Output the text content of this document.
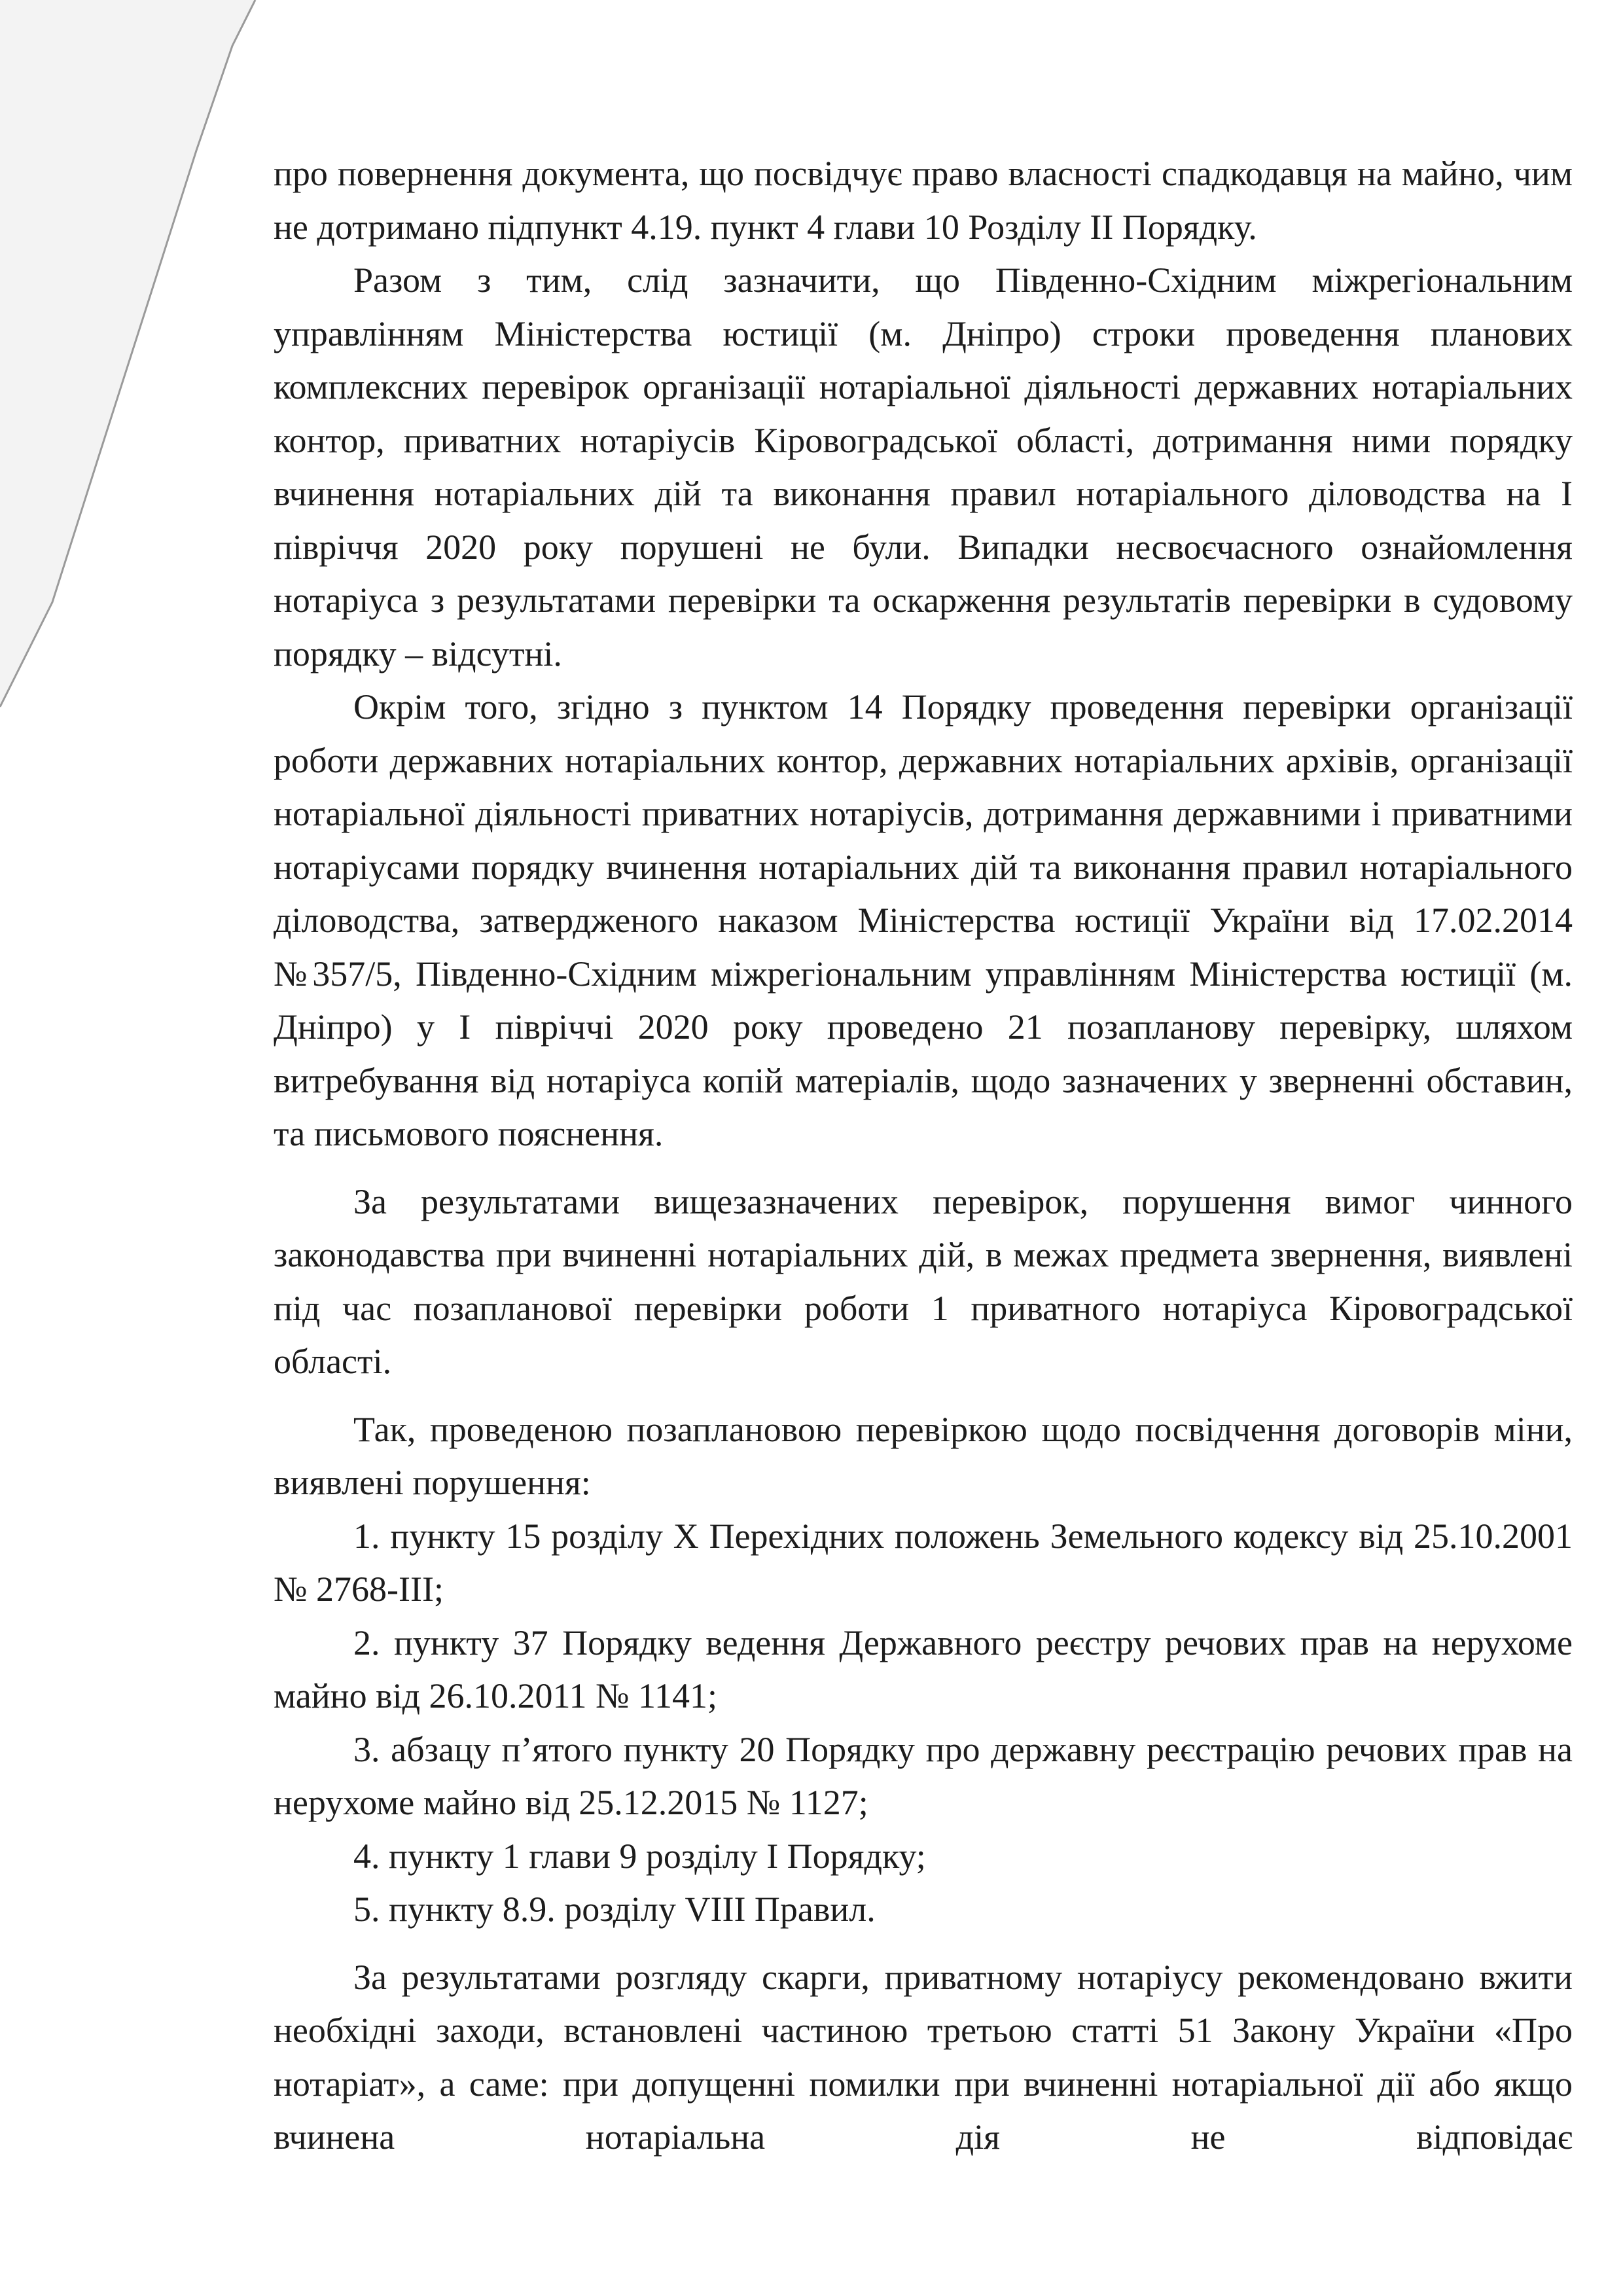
про повернення документа, що посвідчує право власності спадкодавця на майно, чим не дотримано підпункт 4.19. пункт 4 глави 10 Розділу II Порядку.

Разом з тим, слід зазначити, що Південно-Східним міжрегіональним управлінням Міністерства юстиції (м. Дніпро) строки проведення планових комплексних перевірок організації нотаріальної діяльності державних нотаріальних контор, приватних нотаріусів Кіровоградської області, дотримання ними порядку вчинення нотаріальних дій та виконання правил нотаріального діловодства на І півріччя 2020 року порушені не були. Випадки несвоєчасного ознайомлення нотаріуса з результатами перевірки та оскарження результатів перевірки в судовому порядку – відсутні.

Окрім того, згідно з пунктом 14 Порядку проведення перевірки організації роботи державних нотаріальних контор, державних нотаріальних архівів, організації нотаріальної діяльності приватних нотаріусів, дотримання державними і приватними нотаріусами порядку вчинення нотаріальних дій та виконання правил нотаріального діловодства, затвердженого наказом Міністерства юстиції України від 17.02.2014 №357/5, Південно-Східним міжрегіональним управлінням Міністерства юстиції (м. Дніпро) у І півріччі 2020 року проведено 21 позапланову перевірку, шляхом витребування від нотаріуса копій матеріалів, щодо зазначених у зверненні обставин, та письмового пояснення.

За результатами вищезазначених перевірок, порушення вимог чинного законодавства при вчиненні нотаріальних дій, в межах предмета звернення, виявлені під час позапланової перевірки роботи 1 приватного нотаріуса Кіровоградської області.

Так, проведеною позаплановою перевіркою щодо посвідчення договорів міни, виявлені порушення:

1. пункту 15 розділу Х Перехідних положень Земельного кодексу від 25.10.2001 № 2768-ІІІ;

2. пункту 37 Порядку ведення Державного реєстру речових прав на нерухоме майно від 26.10.2011 № 1141;

3. абзацу п’ятого пункту 20 Порядку про державну реєстрацію речових прав на нерухоме майно від 25.12.2015 № 1127;

4. пункту 1 глави 9 розділу І Порядку;

5. пункту 8.9. розділу VIII Правил.

За результатами розгляду скарги, приватному нотаріусу рекомендовано вжити необхідні заходи, встановлені частиною третьою статті 51 Закону України «Про нотаріат», а саме: при допущенні помилки при вчиненні нотаріальної дії або якщо вчинена нотаріальна дія не відповідає
